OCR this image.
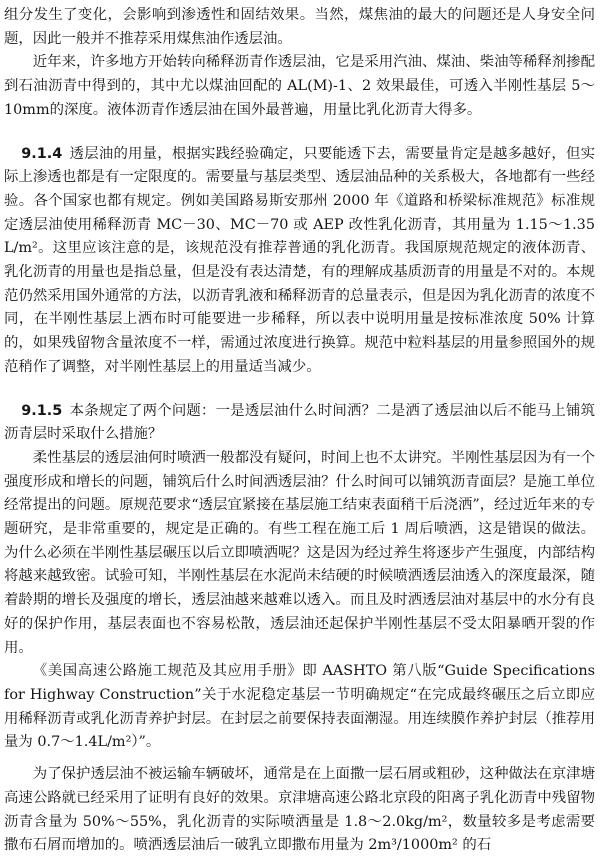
组分发生了变化，会影响到渗透性和固结效果。当然，煤焦油的最大的问题还是人身安全问题，因此一般并不推荐采用煤焦油作透层油。

近年来，许多地方开始转向稀释沥青作透层油，它是采用汽油、煤油、柴油等稀释剂掺配到石油沥青中得到的，其中尤以煤油回配的 AL(M)-1、2 效果最佳，可透入半刚性基层 5～10mm的深度。液体沥青作透层油在国外最普遍，用量比乳化沥青大得多。

9.1.4 透层油的用量，根据实践经验确定，只要能透下去，需要量肯定是越多越好，但实际上渗透也都是有一定限度的。需要量与基层类型、透层油品种的关系极大，各地都有一些经验。各个国家也都有规定。例如美国路易斯安那州 2000 年《道路和桥梁标准规范》标准规定透层油使用稀释沥青 MC－30、MC－70 或 AEP 改性乳化沥青，其用量为 1.15～1.35 L/m²。这里应该注意的是，该规范没有推荐普通的乳化沥青。我国原规范规定的液体沥青、乳化沥青的用量也是指总量，但是没有表达清楚，有的理解成基质沥青的用量是不对的。本规范仍然采用国外通常的方法，以沥青乳液和稀释沥青的总量表示，但是因为乳化沥青的浓度不同，在半刚性基层上洒布时可能要进一步稀释，所以表中说明用量是按标准浓度 50% 计算的，如果残留物含量浓度不一样，需通过浓度进行换算。规范中粒料基层的用量参照国外的规范稍作了调整，对半刚性基层上的用量适当减少。

9.1.5 本条规定了两个问题：一是透层油什么时间洒？二是洒了透层油以后不能马上铺筑沥青层时采取什么措施？

柔性基层的透层油何时喷洒一般都没有疑问，时间上也不太讲究。半刚性基层因为有一个强度形成和增长的问题，铺筑后什么时间洒透层油？什么时间可以铺筑沥青面层？是施工单位经常提出的问题。原规范要求“透层宜紧接在基层施工结束表面稍干后浇洒”，经过近年来的专题研究，是非常重要的，规定是正确的。有些工程在施工后 1 周后喷洒，这是错误的做法。为什么必须在半刚性基层碾压以后立即喷洒呢？这是因为经过养生将逐步产生强度，内部结构将越来越致密。试验可知，半刚性基层在水泥尚未结硬的时候喷洒透层油透入的深度最深，随着龄期的增长及强度的增长，透层油越来越难以透入。而且及时洒透层油对基层中的水分有良好的保护作用，基层表面也不容易松散，透层油还起保护半刚性基层不受太阳暴晒开裂的作用。

《美国高速公路施工规范及其应用手册》即 AASHTO 第八版“Guide Specifications for Highway Construction”关于水泥稳定基层一节明确规定“在完成最终碾压之后立即应用稀释沥青或乳化沥青养护封层。在封层之前要保持表面潮湿。用连续膜作养护封层（推荐用量为 0.7～1.4L/m²）”。

为了保护透层油不被运输车辆破坏，通常是在上面撒一层石屑或粗砂，这种做法在京津塘高速公路就已经采用了证明有良好的效果。京津塘高速公路北京段的阳离子乳化沥青中残留物沥青含量为 50%～55%，乳化沥青的实际喷洒量是 1.8～2.0kg/m²，数量较多是考虑需要撒布石屑而增加的。喷洒透层油后一破乳立即撒布用量为 2m³/1000m² 的石
